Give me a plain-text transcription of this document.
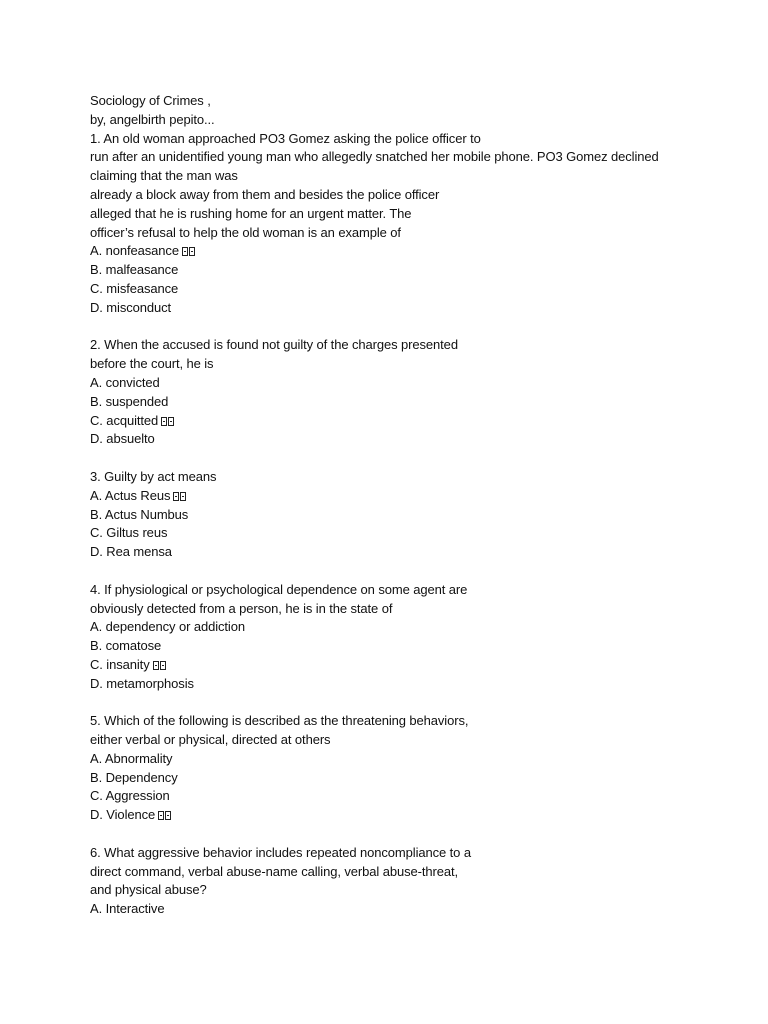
Sociology of Crimes ,
by, angelbirth pepito...
1. An old woman approached PO3 Gomez asking the police officer to
run after an unidentified young man who allegedly snatched her mobile phone. PO3 Gomez declined
claiming that the man was
already a block away from them and besides the police officer
alleged that he is rushing home for an urgent matter. The
officer’s refusal to help the old woman is an example of
A. nonfeasance
B. malfeasance
C. misfeasance
D. misconduct
2. When the accused is found not guilty of the charges presented
before the court, he is
A. convicted
B. suspended
C. acquitted
D. absuelto
3. Guilty by act means
A. Actus Reus
B. Actus Numbus
C. Giltus reus
D. Rea mensa
4. If physiological or psychological dependence on some agent are
obviously detected from a person, he is in the state of
A. dependency or addiction
B. comatose
C. insanity
D. metamorphosis
5. Which of the following is described as the threatening behaviors,
either verbal or physical, directed at others
A. Abnormality
B. Dependency
C. Aggression
D. Violence
6. What aggressive behavior includes repeated noncompliance to a
direct command, verbal abuse-name calling, verbal abuse-threat,
and physical abuse?
A. Interactive
